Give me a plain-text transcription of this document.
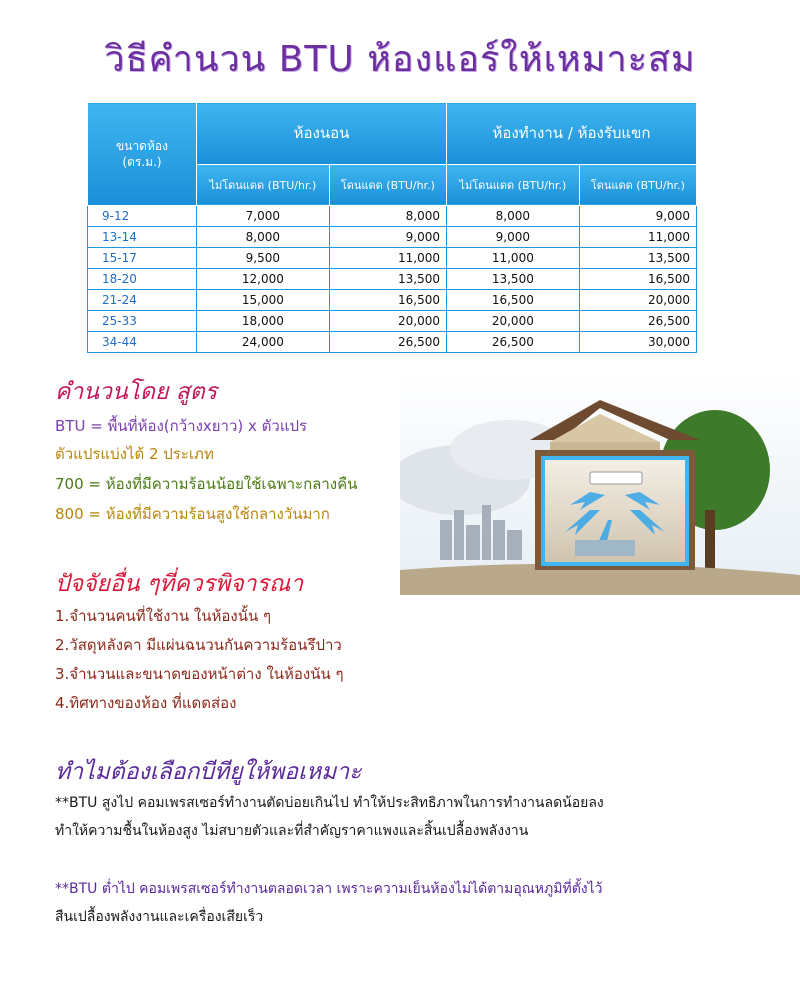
วิธีคำนวน BTU ห้องแอร์ให้เหมาะสม
ขนาดห้อง
(ตร.ม.)	ห้องนอน		ห้องทำงาน / ห้องรับแขก	
	ไม่โดนแดด (BTU/hr.)	โดนแดด (BTU/hr.)	ไม่โดนแดด (BTU/hr.)	โดนแดด (BTU/hr.)
9-12	7,000	8,000	8,000	9,000
13-14	8,000	9,000	9,000	11,000
15-17	9,500	11,000	11,000	13,500
18-20	12,000	13,500	13,500	16,500
21-24	15,000	16,500	16,500	20,000
25-33	18,000	20,000	20,000	26,500
34-44	24,000	26,500	26,500	30,000
คำนวนโดย สูตร
BTU = พื้นที่ห้อง(กว้างxยาว) x ตัวแปร
ตัวแปรแบ่งได้ 2 ประเภท
700 = ห้องที่มีความร้อนน้อยใช้เฉพาะกลางคืน
800 = ห้องที่มีความร้อนสูงใช้กลางวันมาก
ปัจจัยอื่น ๆที่ควรพิจารณา
1.จำนวนคนที่ใช้งาน ในห้องนั้น ๆ
2.วัสดุหลังคา มีแผ่นฉนวนกันความร้อนรึปาว
3.จำนวนและขนาดของหน้าต่าง ในห้องนัน ๆ
4.ทิศทางของห้อง ที่แดดส่อง
ทำไมต้องเลือกบีทียูให้พอเหมาะ
**BTU สูงไป คอมเพรสเซอร์ทำงานตัดบ่อยเกินไป ทำให้ประสิทธิภาพในการทำงานลดน้อยลง
ทำให้ความชื้นในห้องสูง ไม่สบายตัวและที่สำคัญราคาแพงและสิ้นเปลื้องพลังงาน
**BTU ต่ำไป คอมเพรสเซอร์ทำงานตลอดเวลา เพราะความเย็นห้องไม่ได้ตามอุณหภูมิที่ตั้งไว้
สืนเปลื้องพลังงานและเครื่องเสียเร็ว
